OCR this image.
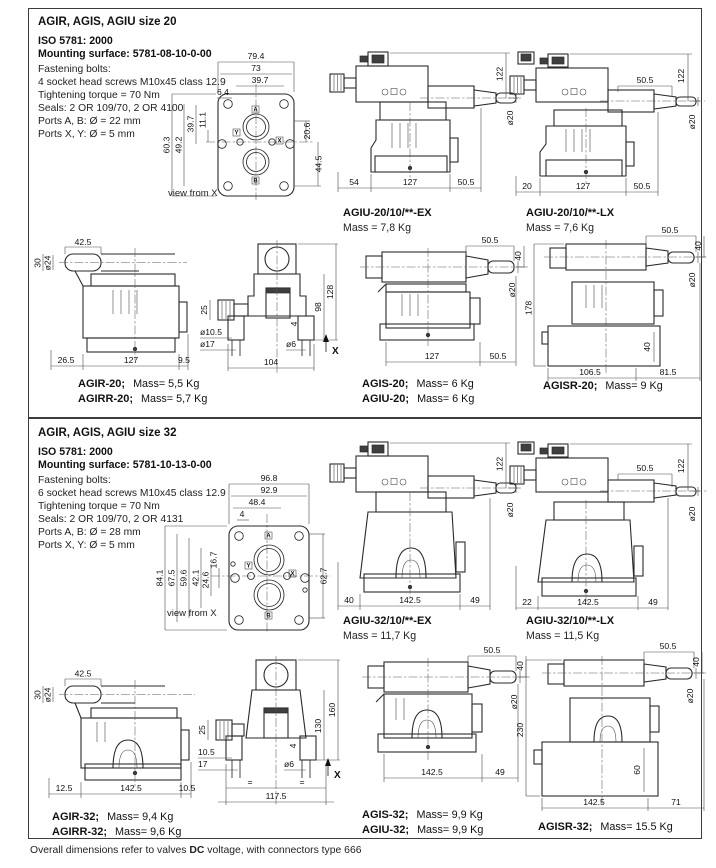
AGIR, AGIS, AGIU size 20
ISO 5781: 2000
Mounting surface: 5781-08-10-0-00
Fastening bolts:
4 socket head screws M10x45 class 12.9
Tightening torque = 70 Nm
Seals: 2 OR 109/70, 2 OR 4100
Ports A, B: Ø = 22 mm
Ports X, Y: Ø = 5 mm
A
Y
X
B
79.4
73
39.7
6.4
60.3 49.2
39.7 11.1
20.6
44.5
view from X
122
ø20
54	127	50.5
AGIU-20/10/**-EX
Mass = 7,8 Kg
50.5	122
ø20
20	127	50.5
AGIU-20/10/**-LX
Mass = 7,6 Kg
42.5
30 ø24
26.5	127	9.5
AGIR-20; Mass= 5,5 Kg
AGIRR-20; Mass= 5,7 Kg
98
128
25
ø10.5
ø17
4
ø6
104
X
50.5
40
ø20
127	50.5
AGIS-20; Mass= 6 Kg
AGIU-20; Mass= 6 Kg
50.5
40
ø20
178
40
106.5	81.5
AGISR-20; Mass= 9 Kg
AGIR, AGIS, AGIU size 32
ISO 5781: 2000
Mounting surface: 5781-10-13-0-00
Fastening bolts:
6 socket head screws M10x45 class 12.9
Tightening torque = 70 Nm
Seals: 2 OR 109/70, 2 OR 4131
Ports A, B: Ø = 28 mm
Ports X, Y: Ø = 5 mm
A
Y
X
B
96.8
92.9
48.4
4
84.1 67.5 59.6 42.1 24.6
16.7
62.7
view from X
122
ø20
40	142.5	49
AGIU-32/10/**-EX
Mass = 11,7 Kg
50.5	122
ø20
22	142.5	49
AGIU-32/10/**-LX
Mass = 11,5 Kg
42.5
30 ø24
12.5	142.5	10.5
AGIR-32; Mass= 9,4 Kg
AGIRR-32; Mass= 9,6 Kg
130
160
25
10.5
17
4
ø6
=	=
117.5
X
50.5
40
ø20
142.5	49
AGIS-32; Mass= 9,9 Kg
AGIU-32; Mass= 9,9 Kg
50.5
40
ø20
230
60
142.5	71
AGISR-32; Mass= 15.5 Kg
Overall dimensions refer to valves DC voltage, with connectors type 666
